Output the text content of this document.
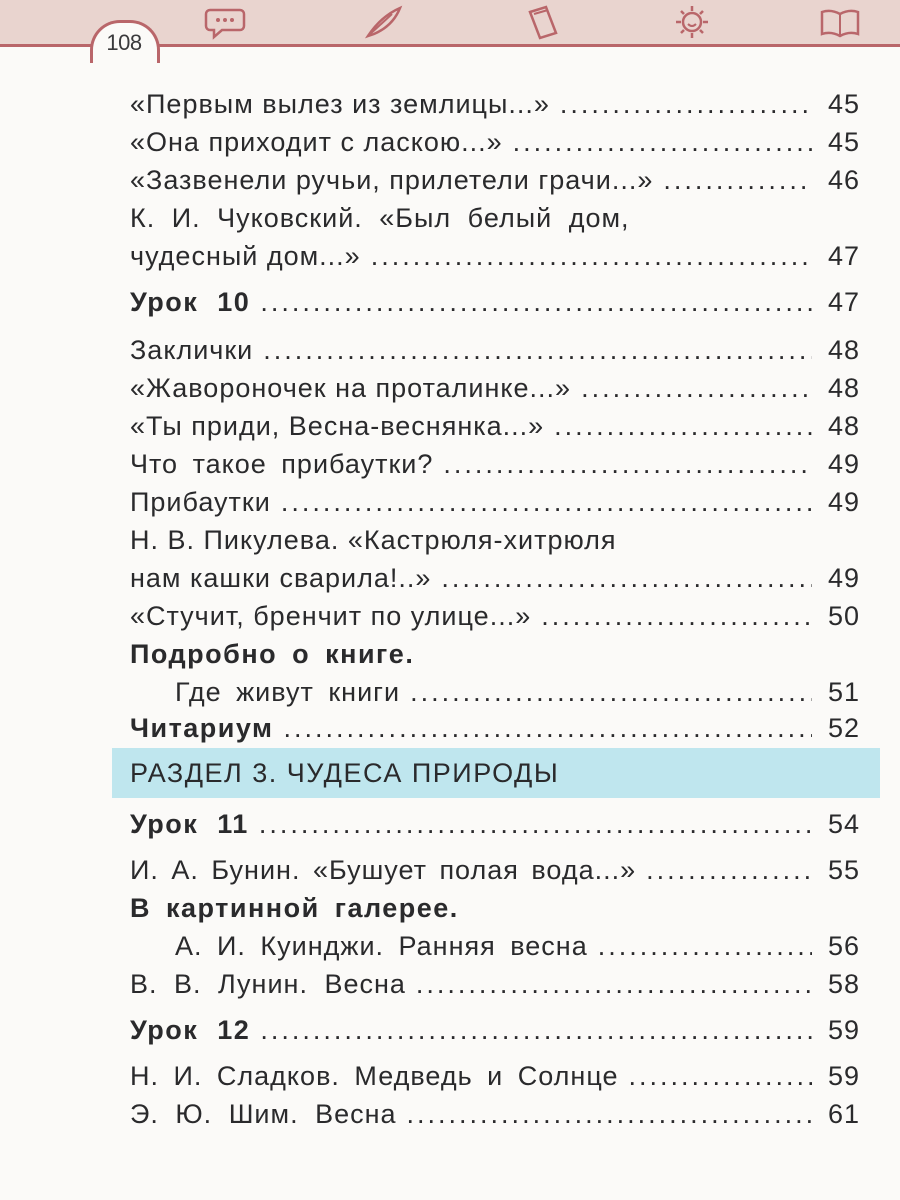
108
РАЗДЕЛ 3. ЧУДЕСА ПРИРОДЫ
«Первым вылез из землицы...» .....	45
«Она приходит с ласкою...» .....	45
«Зазвенели ручьи, прилетели грачи...» .....	46
К. И. Чуковский. «Был белый дом,
чудесный дом...» .....	47
Урок 10 .....	47
Заклички .....	48
«Жавороночек на проталинке...» .....	48
«Ты приди, Весна-веснянка...» .....	48
Что такое прибаутки? .....	49
Прибаутки .....	49
Н. В. Пикулева. «Кастрюля-хитрюля
нам кашки сварила!..» .....	49
«Стучит, бренчит по улице...» .....	50
Подробно о книге.
Где живут книги .....	51
Читариум .....	52
Урок 11 .....	54
И. А. Бунин. «Бушует полая вода...» .....	55
В картинной галерее.
А. И. Куинджи. Ранняя весна .....	56
В. В. Лунин. Весна .....	58
Урок 12 .....	59
Н. И. Сладков. Медведь и Солнце .....	59
Э. Ю. Шим. Весна .....	61
